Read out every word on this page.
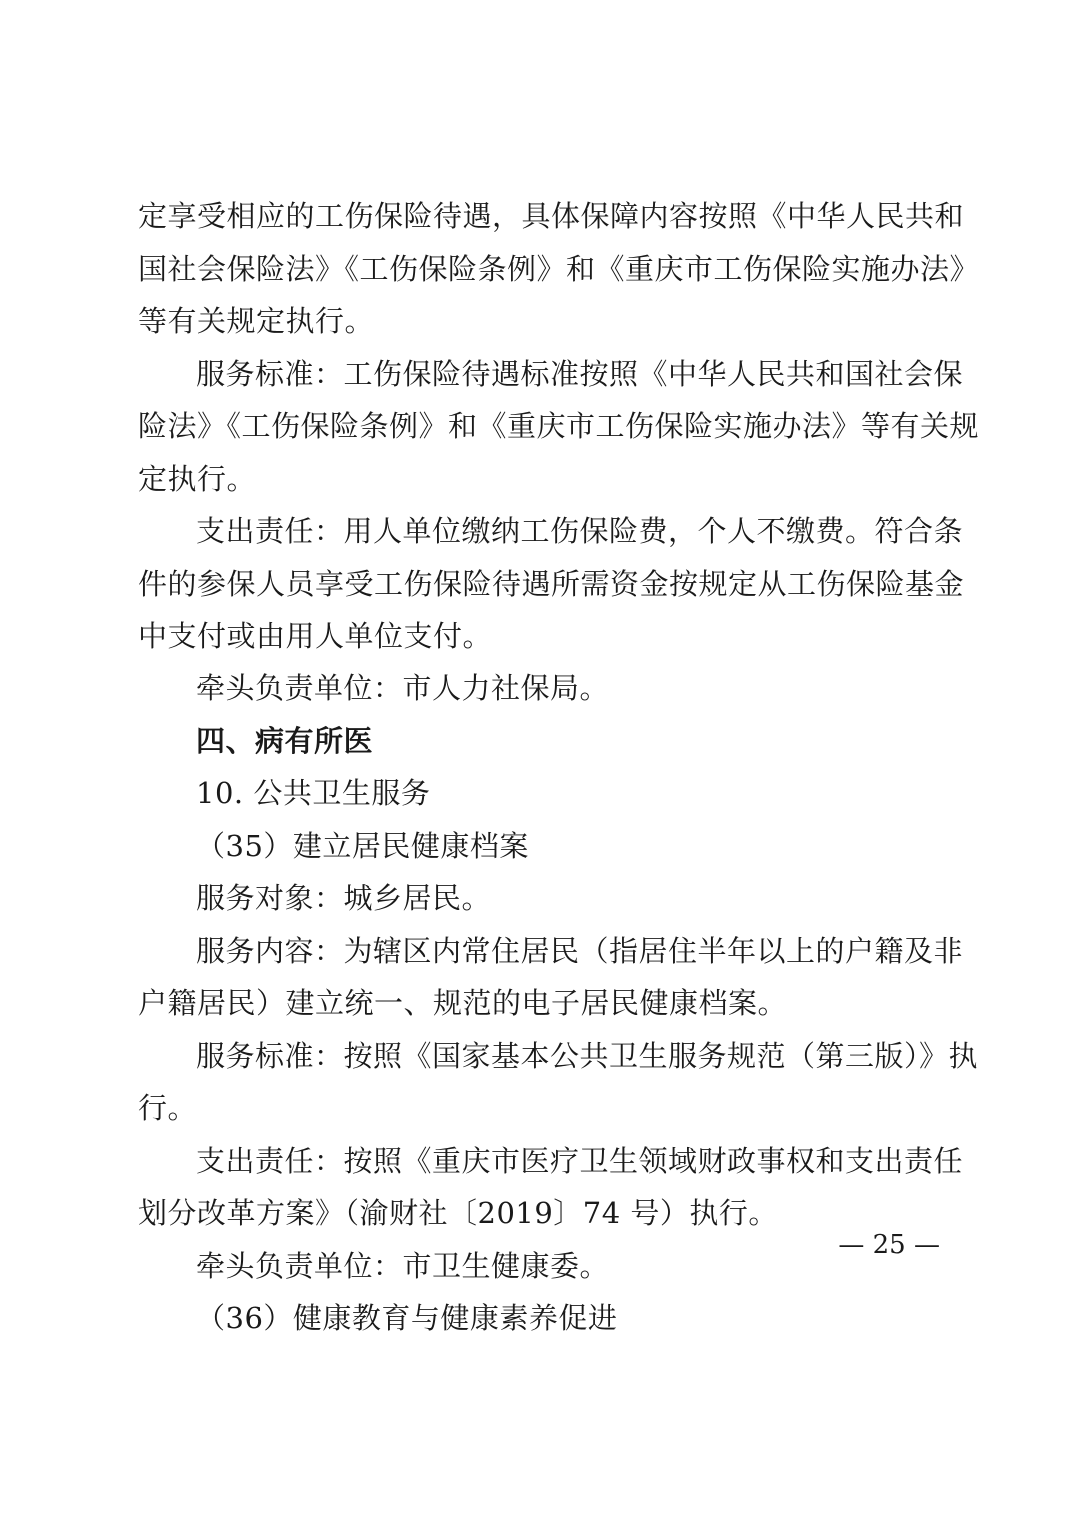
定享受相应的工伤保险待遇，具体保障内容按照《中华人民共和
国社会保险法》《工伤保险条例》和《重庆市工伤保险实施办法》
等有关规定执行。
服务标准：工伤保险待遇标准按照《中华人民共和国社会保
险法》《工伤保险条例》和《重庆市工伤保险实施办法》等有关规
定执行。
支出责任：用人单位缴纳工伤保险费，个人不缴费。符合条
件的参保人员享受工伤保险待遇所需资金按规定从工伤保险基金
中支付或由用人单位支付。
牵头负责单位：市人力社保局。
四、病有所医
10. 公共卫生服务
（35）建立居民健康档案
服务对象：城乡居民。
服务内容：为辖区内常住居民（指居住半年以上的户籍及非
户籍居民）建立统一、规范的电子居民健康档案。
服务标准：按照《国家基本公共卫生服务规范（第三版）》执
行。
支出责任：按照《重庆市医疗卫生领域财政事权和支出责任
划分改革方案》（渝财社〔2019〕74 号）执行。
牵头负责单位：市卫生健康委。
（36）健康教育与健康素养促进
— 25 —
